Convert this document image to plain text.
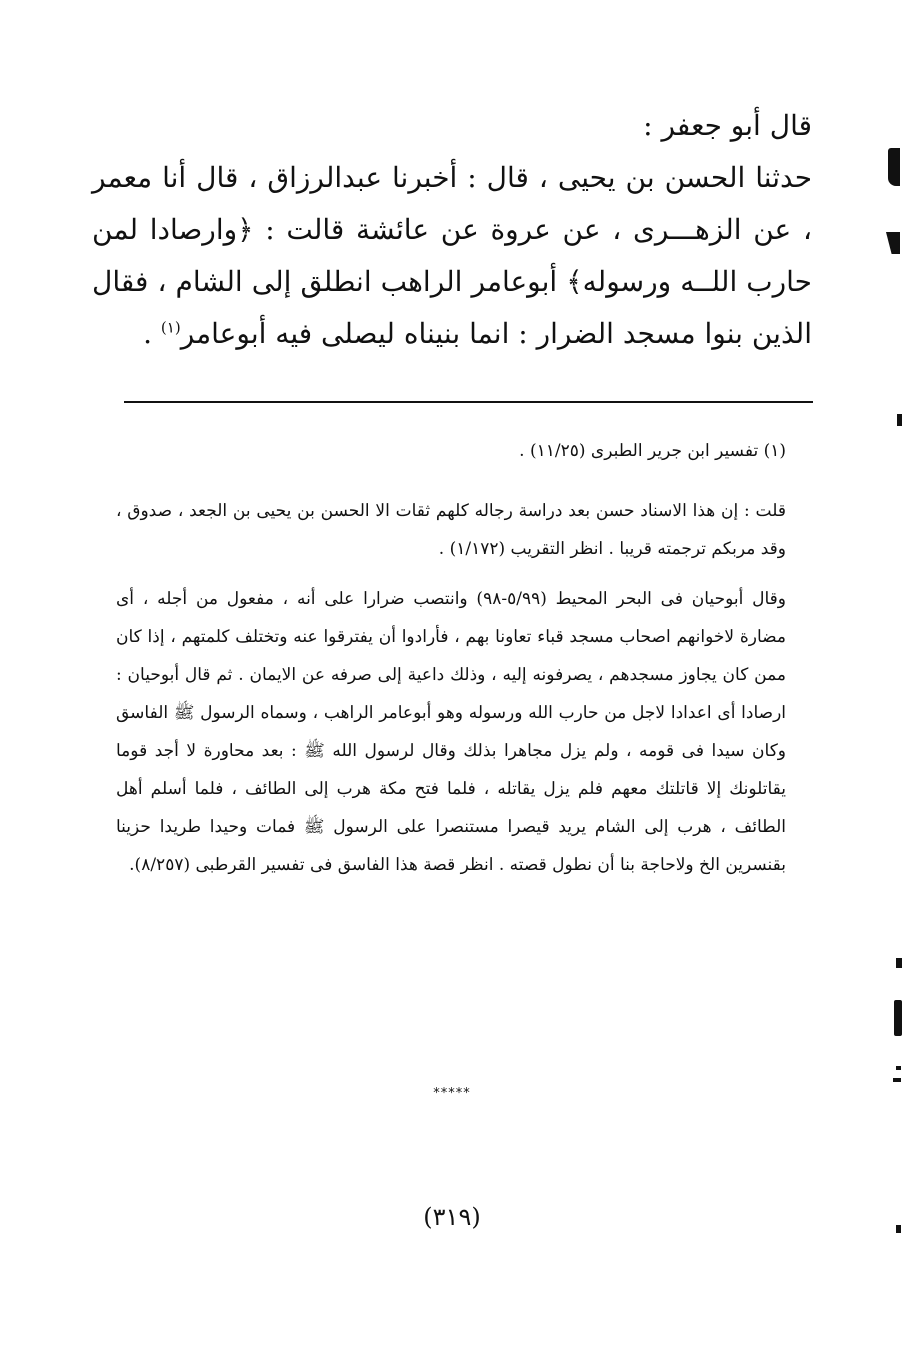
قال أبو جعفر :

حدثنا الحسن بن يحيى ، قال : أخبرنا عبدالرزاق ، قال أنا معمر ، عن الزهـــرى ، عن عروة عن عائشة قالت : ﴿وارصادا لمن حارب اللــه ورسوله﴾ أبوعامر الراهب انطلق إلى الشام ، فقال الذين بنوا مسجد الضرار : انما بنيناه ليصلى فيه أبوعامر$^{(١)}$ .

(١) تفسير ابن جرير الطبرى (١١/٢٥) .

قلت : إن هذا الاسناد حسن بعد دراسة رجاله كلهم ثقات الا الحسن بن يحيى بن الجعد ، صدوق ، وقد مربكم ترجمته قريبا . انظر التقريب (١/١٧٢) .

وقال أبوحيان فى البحر المحيط (٥/٩٩-٩٨) وانتصب ضرارا على أنه ، مفعول من أجله ، أى مضارة لاخوانهم اصحاب مسجد قباء تعاونا بهم ، فأرادوا أن يفترقوا عنه وتختلف كلمتهم ، إذا كان ممن كان يجاوز مسجدهم ، يصرفونه إليه ، وذلك داعية إلى صرفه عن الايمان . ثم قال أبوحيان : ارصادا أى اعدادا لاجل من حارب الله ورسوله وهو أبوعامر الراهب ، وسماه الرسول ﷺ الفاسق وكان سيدا فى قومه ، ولم يزل مجاهرا بذلك وقال لرسول الله ﷺ : بعد محاورة لا أجد قوما يقاتلونك إلا قاتلتك معهم فلم يزل يقاتله ، فلما فتح مكة هرب إلى الطائف ، فلما أسلم أهل الطائف ، هرب إلى الشام يريد قيصرا مستنصرا على الرسول ﷺ فمات وحيدا طريدا حزينا بقنسرين الخ ولاحاجة بنا أن نطول قصته . انظر قصة هذا الفاسق فى تفسير القرطبى (٨/٢٥٧).

*****
(٣١٩)
